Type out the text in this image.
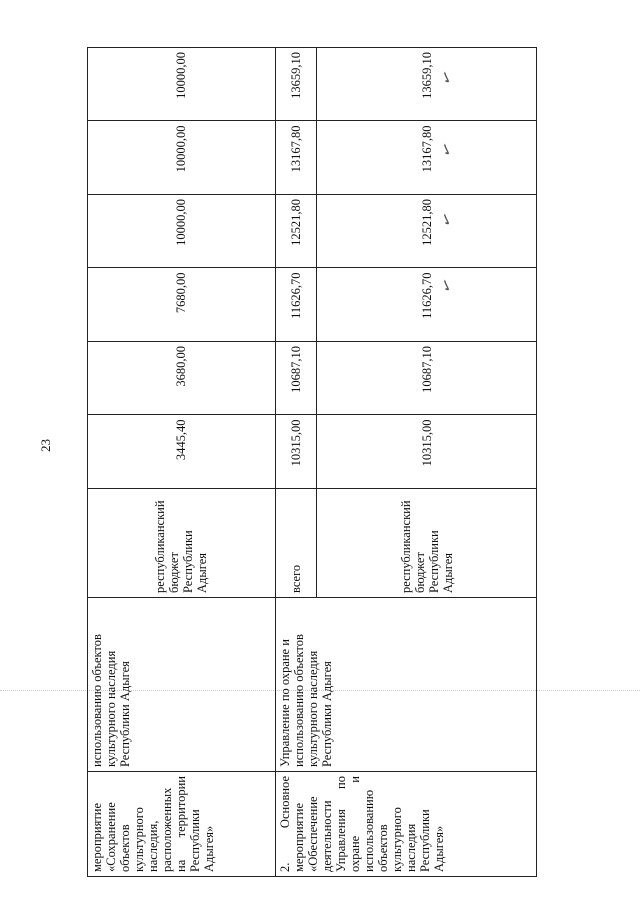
23
мероприятие «Сохранение объектов культурного наследия, расположенных на территории Республики Адыгея»	использованию объектов культурного наследия Республики Адыгея	республиканский бюджет Республики Адыгея	3445,40	3680,00	7680,00	10000,00	10000,00	10000,00
2. Основное мероприятие «Обеспечение деятельности Управления по охране и использованию объектов культурного наследия Республики Адыгея»	Управление по охране и использованию объектов культурного наследия Республики Адыгея	всего	10315,00	10687,10	11626,70	12521,80	13167,80	13659,10
		республиканский бюджет Республики Адыгея	10315,00	10687,10	11626,70	12521,80	13167,80	13659,10
✓
✓
✓
✓
